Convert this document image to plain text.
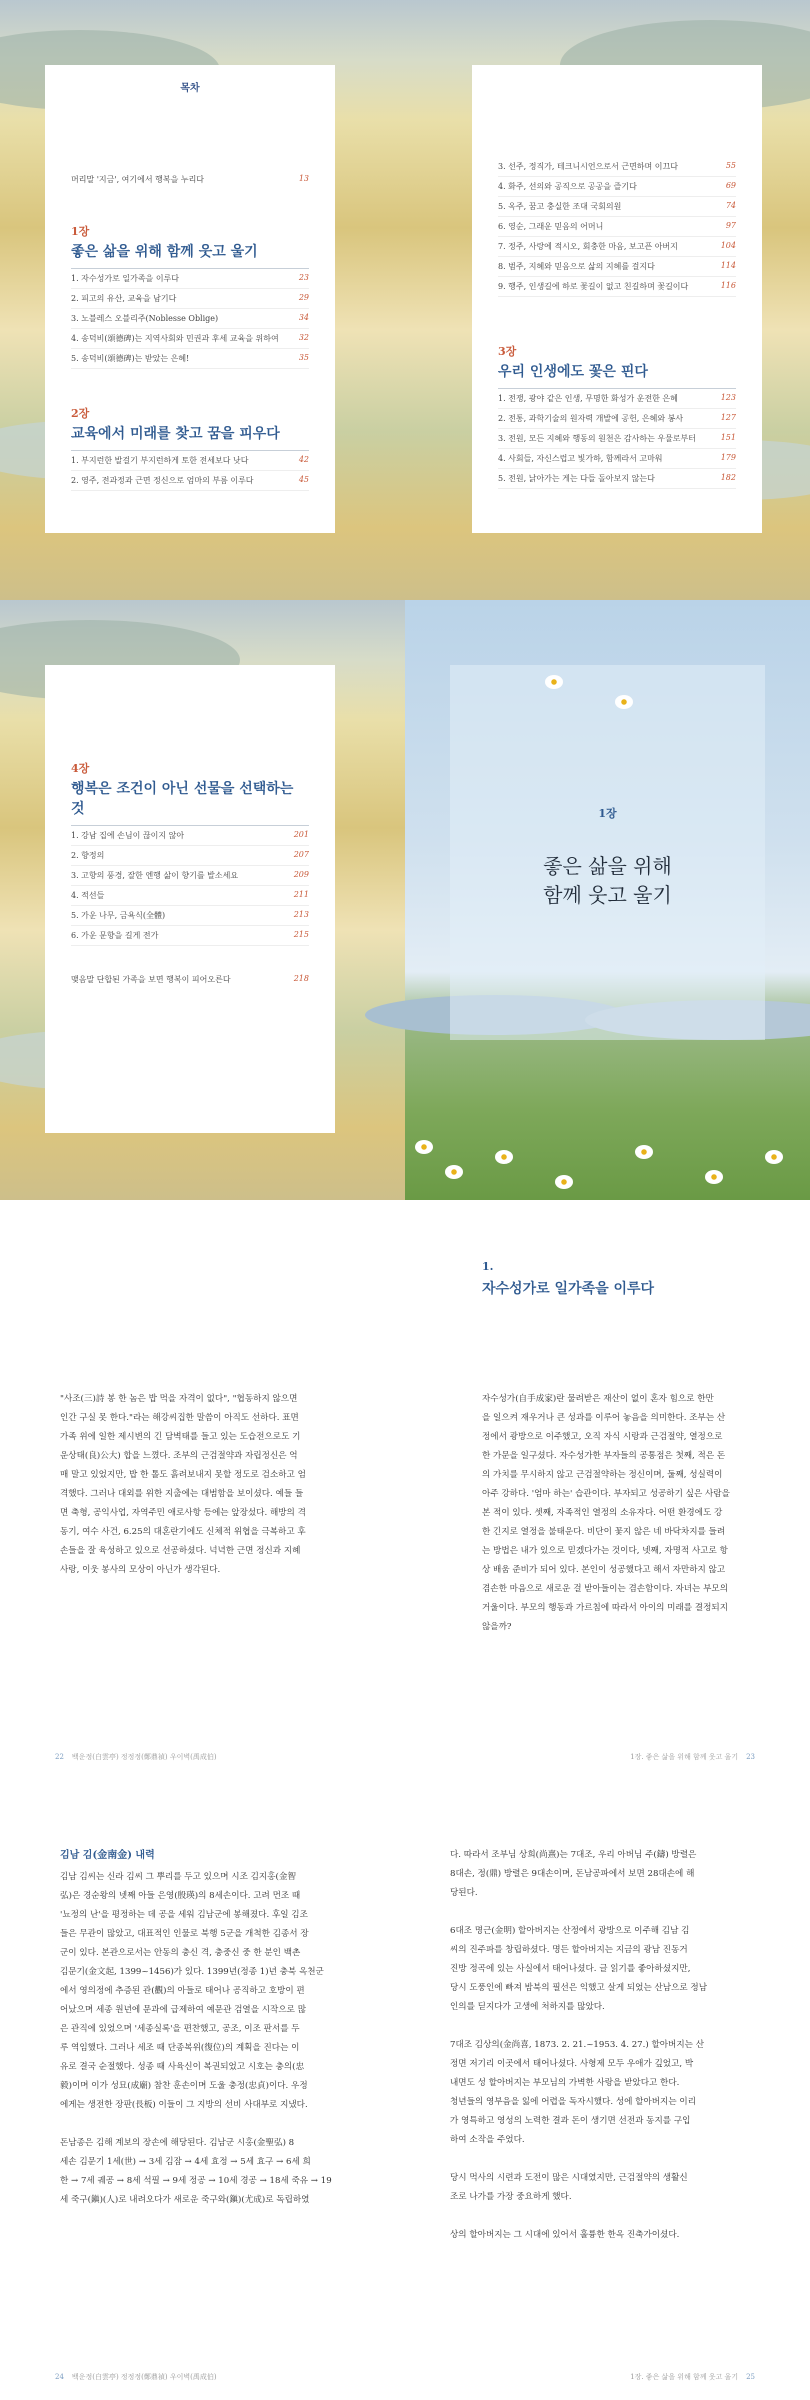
목차
머리말 '지금', 여기에서 행복을 누리다	13
1장
좋은 삶을 위해 함께 웃고 울기
1. 자수성가로 일가족을 이루다	23
2. 피고의 유산, 교육을 남기다	29
3. 노블레스 오블리주(Noblesse Oblige)	34
4. 송덕비(頌德碑)는 지역사회와 민권과 후세 교육을 위하여	32
5. 송덕비(頌德碑)는 받았는 은혜!	35
2장
교육에서 미래를 찾고 꿈을 피우다
1. 부지런한 발걸기 부지런하게 토한 전세보다 낫다	42
2. 영주, 전과정과 근면 정신으로 엄마의 부름 이루다	45
3. 선주, 정직가, 테크니시언으로서 근면하며 이끄다	55
4. 화주, 선의와 공직으로 공공을 즐기다	69
5. 옥주, 꿈고 충실한 조대 국회의원	74
6. 영순, 그래운 믿음의 어머니	97
7. 정주, 사랑에 적시오, 회충한 마음, 보고픈 아버지	104
8. 범주, 지혜와 믿음으로 삶의 지혜를 걸지다	114
9. 행주, 인생길에 하로 꽃길이 없고 친길하며 꽃길이다	116
3장
우리 인생에도 꽃은 핀다
1. 전쟁, 광야 같은 인생, 무명한 화성가 운전한 은혜	123
2. 전통, 과학기술의 원자력 개발에 공헌, 은혜와 봉사	127
3. 전원, 모든 지혜와 행동의 원천은 감사하는 우물로부터	151
4. 사회들, 자신스럽고 빛가하, 함께라서 고마워	179
5. 전원, 낡아가는 게는 다들 돌아보지 않는다	182
4장
행복은 조건이 아닌 선물을 선택하는 것
1. 강남 집에 손님이 끊이지 않아	201
2. 향정의	207
3. 고향의 풍경, 잘한 엔행 삶이 향기를 발소세요	209
4. 적선들	211
5. 가운 나무, 금욕식(全體)	213
6. 가운 문향을 길게 전가	215
맺음말 단합된 가족을 보면 행복이 피어오른다	218
1장
좋은 삶을 위해
함께 웃고 울기
1.
자수성가로 일가족을 이루다
"사조(三)詩 봉 한 놈은 밥 먹을 자격이 없다", "협동하지 않으면
인간 구실 못 한다."라는 해강씨집한 말씀이 아직도 선하다. 표면
가족 위에 일한 제시변의 긴 담벽태를 들고 있는 도습전으로도 기
운상태(良)公大) 합을 느꼈다. 조부의 근검절약과 자립정신은 억
매 말고 있었지만, 밥 한 톨도 흙려보내지 못할 정도로 검소하고 엄
격했다. 그러나 대외를 위한 지출에는 대범함을 보이셨다. 예들 들
면 축형, 공익사업, 자역주민 애로사항 등에는 앞장섰다. 해방의 격
동기, 여수 사건, 6.25의 대혼란기에도 신체적 위협을 극복하고 후
손들을 잘 육성하고 있으로 선공하셨다. 넉녁한 근면 정신과 지혜
사랑, 이웃 봉사의 모상이 아닌가 생각된다.
자수성가(自手成家)란 물려받은 재산이 없이 혼자 힘으로 한만
을 일으켜 재우거나 큰 성과를 이루어 놓음을 의미한다. 조부는 산
정에서 광방으로 이주했고, 오직 자식 시랑과 근검절약, 열정으로
한 가문을 일구셨다. 자수성가한 부자들의 공통점은 첫째, 적은 돈
의 가치를 무시하지 않고 근검절약하는 정신이며, 둘째, 성실력이
아주 강하다. '엄마 하는' 습관이다. 부자되고 성공하기 싶은 사람을
본 적이 있다. 셋째, 자족적인 열정의 소유자다. 어떤 환경에도 강
한 긴지로 열정을 불태운다. 비단이 꽃지 않은 네 바닥차지를 들려
는 방법은 내가 있으로 믿겠다가는 것이다, 넷째, 자명적 사고로 항
상 배움 준비가 되어 있다. 본인이 성공했다고 해서 자만하지 않고
겸손한 마음으로 새로운 걸 받아들이는 겸손함이다. 자녀는 부모의
거울이다. 부모의 행동과 가르침에 따라서 아이의 미래를 결정되지
않을까?
22 백운정(白雲亭) 정정정(鄭鼎禎) 우이벽(禹成伯)	1장. 좋은 삶을 위해 함께 웃고 울기 23
김남 김(金南金) 내력
김남 김씨는 신라 김씨 그 뿌리를 두고 있으며 시조 김지홍(金智
弘)은 경순왕의 넷째 아들 은영(殷瑛)의 8세손이다. 고려 먼조 때
'뇨정의 난'을 평정하는 데 공을 세워 김남군에 봉해졌다. 후일 김조
들은 무관이 많았고, 대표적인 인물로 북행 5군을 개척한 김종서 장
군이 있다. 본관으로서는 안동의 충신 격, 충중신 중 한 분인 백촌
김문기(金文起, 1399~1456)가 있다. 1399년(정종 1)년 충북 옥천군
에서 영의정에 추증된 관(觀)의 아들로 태어나 공직하고 호방이 편
어났으며 세종 원년에 문과에 급제하여 예문관 검열을 시작으로 많
은 관직에 있었으며 '세종실록'을 편찬했고, 공조, 이조 판서를 두
루 역임했다. 그러나 세조 때 단종복위(復位)의 계획을 진다는 이
유로 결국 순절했다. 성종 때 사육신이 복권되었고 시호는 충의(忠
毅)이며 이가 성묘(成廟) 참찬 훈손이며 도울 충정(忠貞)이다. 우정
에게는 생전한 장판(長板) 이들이 그 지방의 선비 사대부로 지냈다.

돈남종은 김해 계보의 장손에 해당된다. 김남군 시홍(金聖弘) 8
세손 김문기 1세(世) → 3세 김잠 → 4세 효정 → 5세 효구 → 6세 희
한 → 7세 궤공 → 8세 석필 → 9세 정공 → 10세 경공 → 18세 죽유 → 19
세 죽구(鎭)(人)로 내려오다가 새로운 죽구와(鎭)(尤成)로 독립하였
다. 따라서 조부님 상희(尚熹)는 7대조, 우리 아버님 주(鑄) 방렬은
8대손, 정(鼎) 방렬은 9대손이며, 돈남공파에서 보면 28대손에 해
당된다.

6대조 명근(金明) 할아버지는 산정에서 광방으로 이주해 김남 김
씨의 진주파를 창립하셨다. 명든 할아버지는 지금의 광남 진동거
진방 정곡에 있는 사실에서 태어나셨다. 글 읽기를 좋아하셨지만,
당시 도풍인에 빠져 밤북의 필선은 익했고 살게 되었는 산남으로 정남
인의를 딛지다가 고생에 처하지를 많았다.

7대조 김상의(金尚喜, 1873. 2. 21.~1953. 4. 27.) 할아버지는 산
정면 저기리 이곳에서 태어나셨다. 사형제 모두 우애가 깊었고, 박
내면도 성 할아버지는 부모님의 가벽한 사랑을 받았다고 한다.
청년들의 영부음을 잃에 어렵을 독자시했다. 성에 할아버지는 이리
가 영특하고 영성의 노력한 결과 돈이 생기면 선전과 동지를 구입
하여 소작을 주었다.

당시 먹사의 시련과 도전이 많은 시대였지만, 근검절약의 생활신
조로 나가를 가장 중요하게 했다.

상의 할아버지는 그 시대에 있어서 훌륭한 한옥 진축가이셨다.
24 백운정(白雲亭) 정정정(鄭鼎禎) 우이벽(禹成伯)	1장. 좋은 삶을 위해 함께 웃고 울기 25
